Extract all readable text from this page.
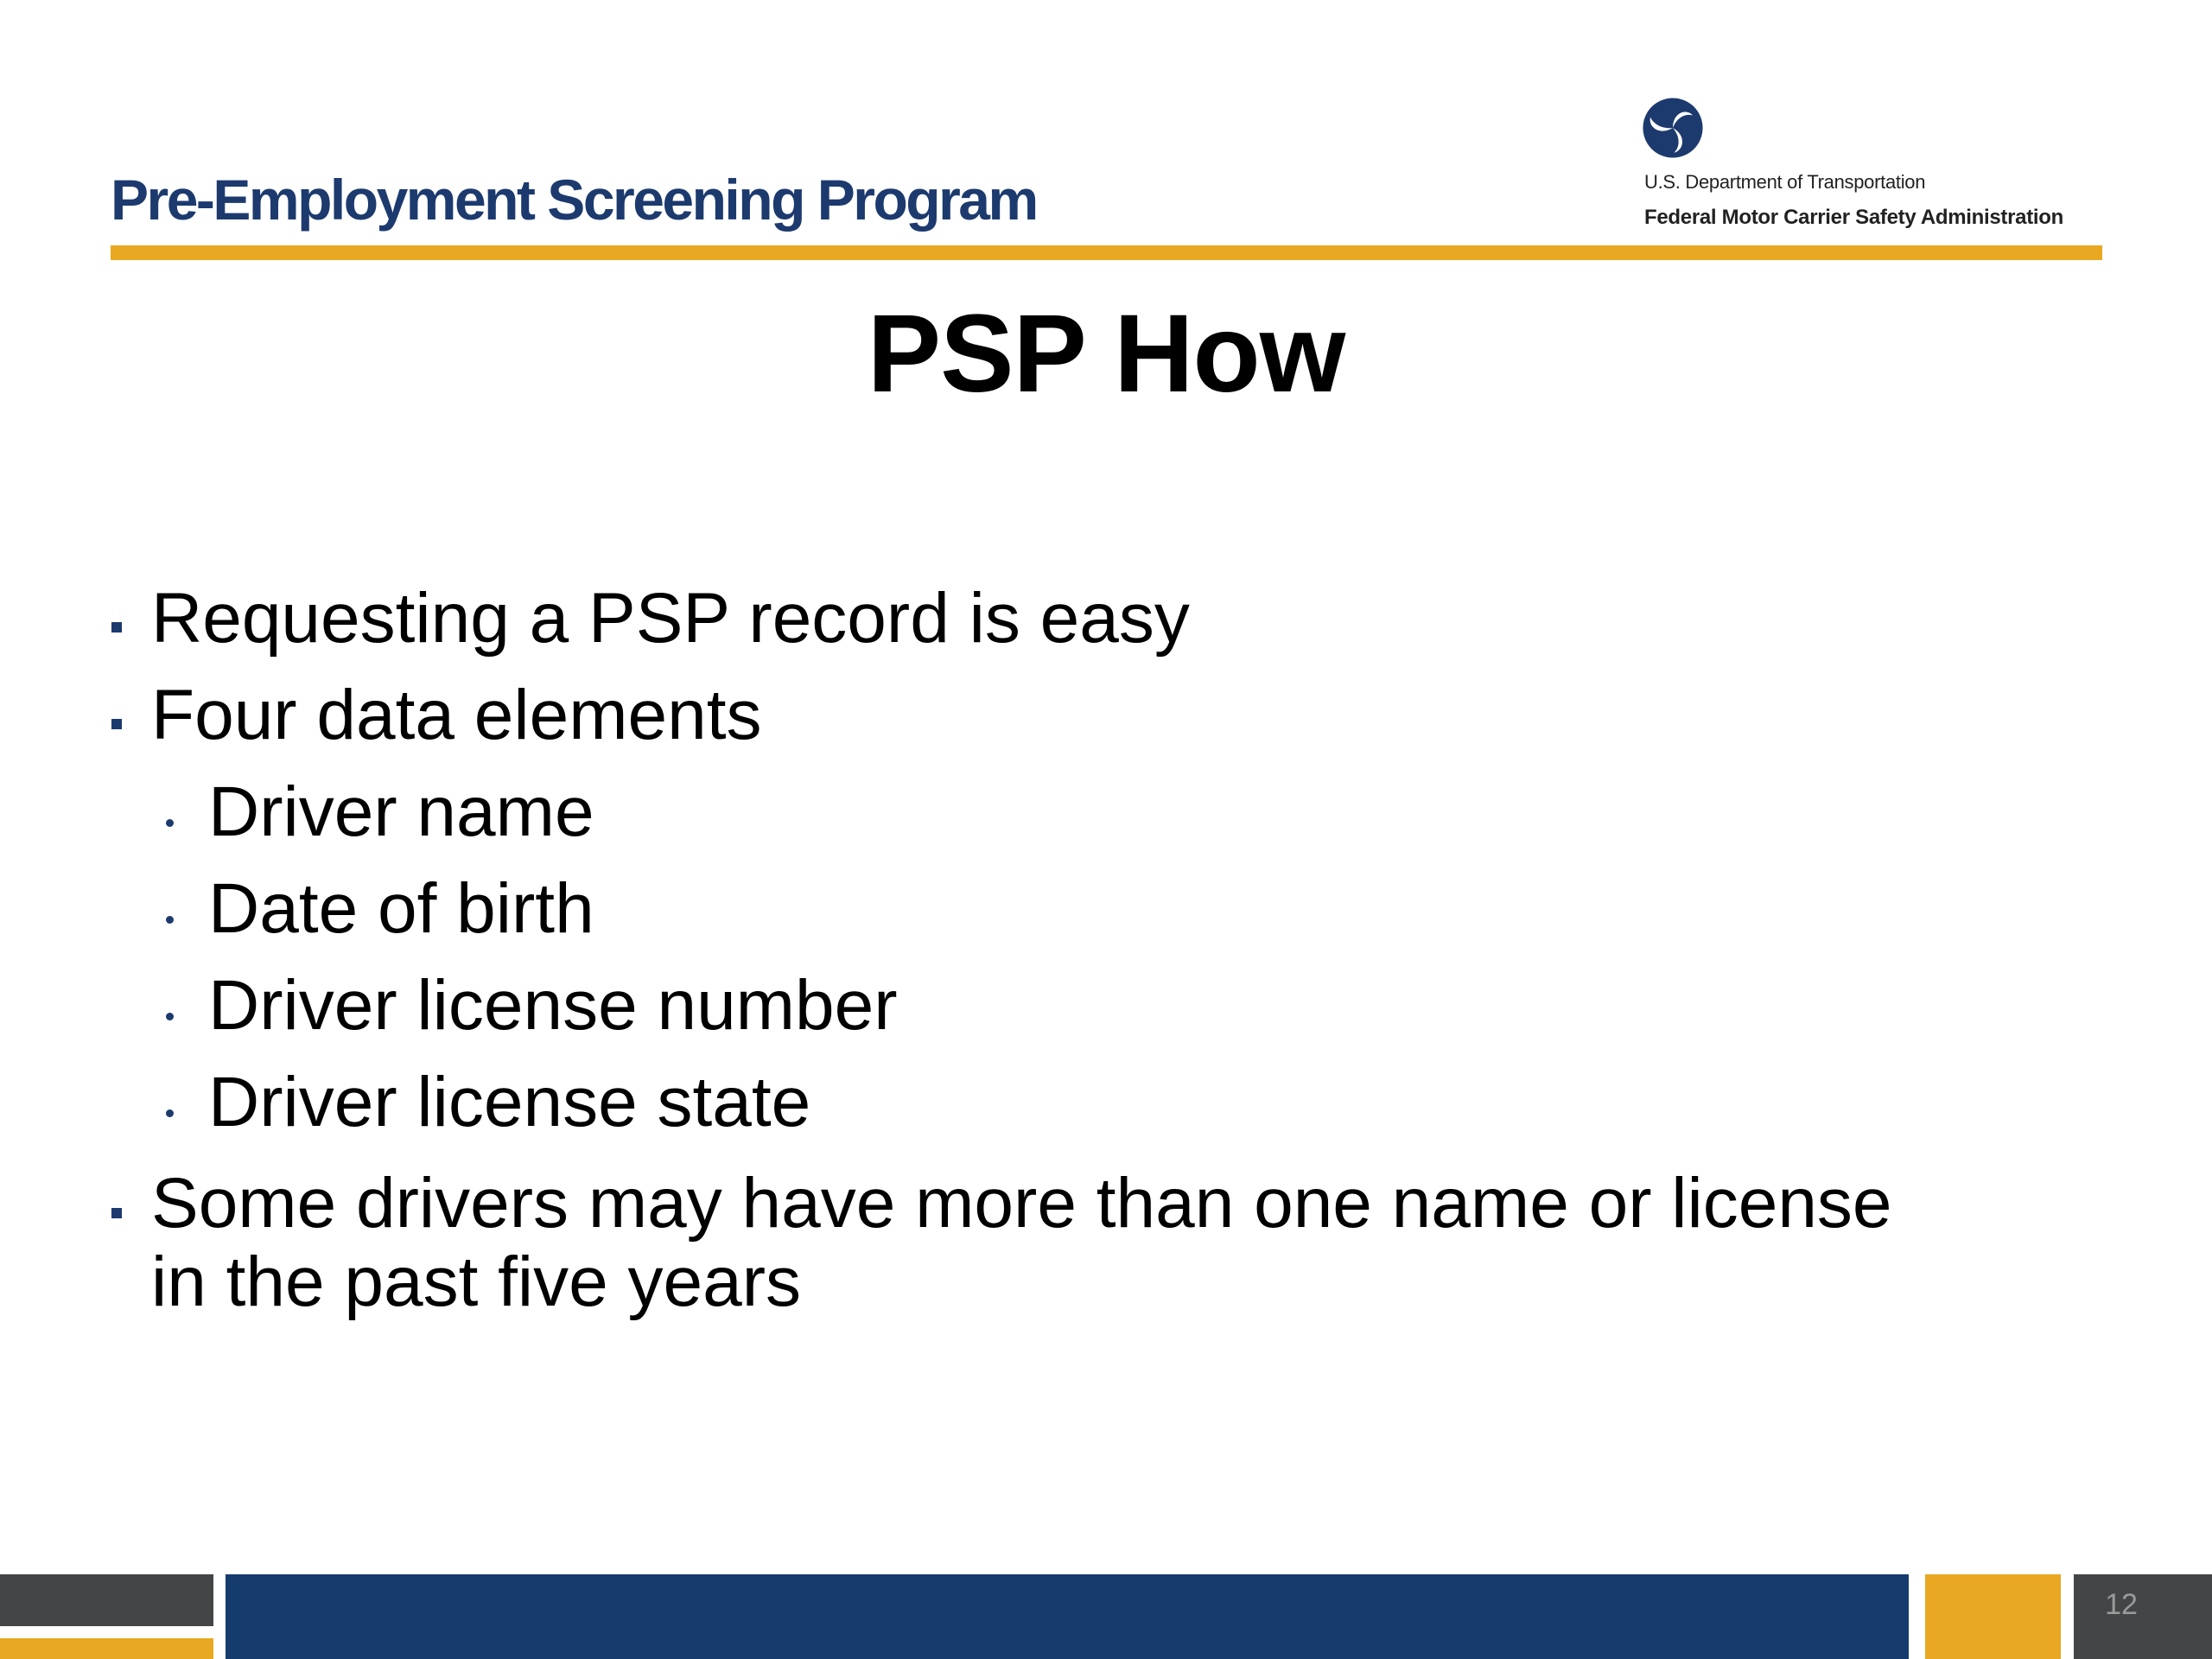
Pre-Employment Screening Program	U.S. Department of Transportation
Federal Motor Carrier Safety Administration
PSP How
Requesting a PSP record is easy
Four data elements
Driver name
Date of birth
Driver license number
Driver license state
Some drivers may have more than one name or license
in the past five years
12
